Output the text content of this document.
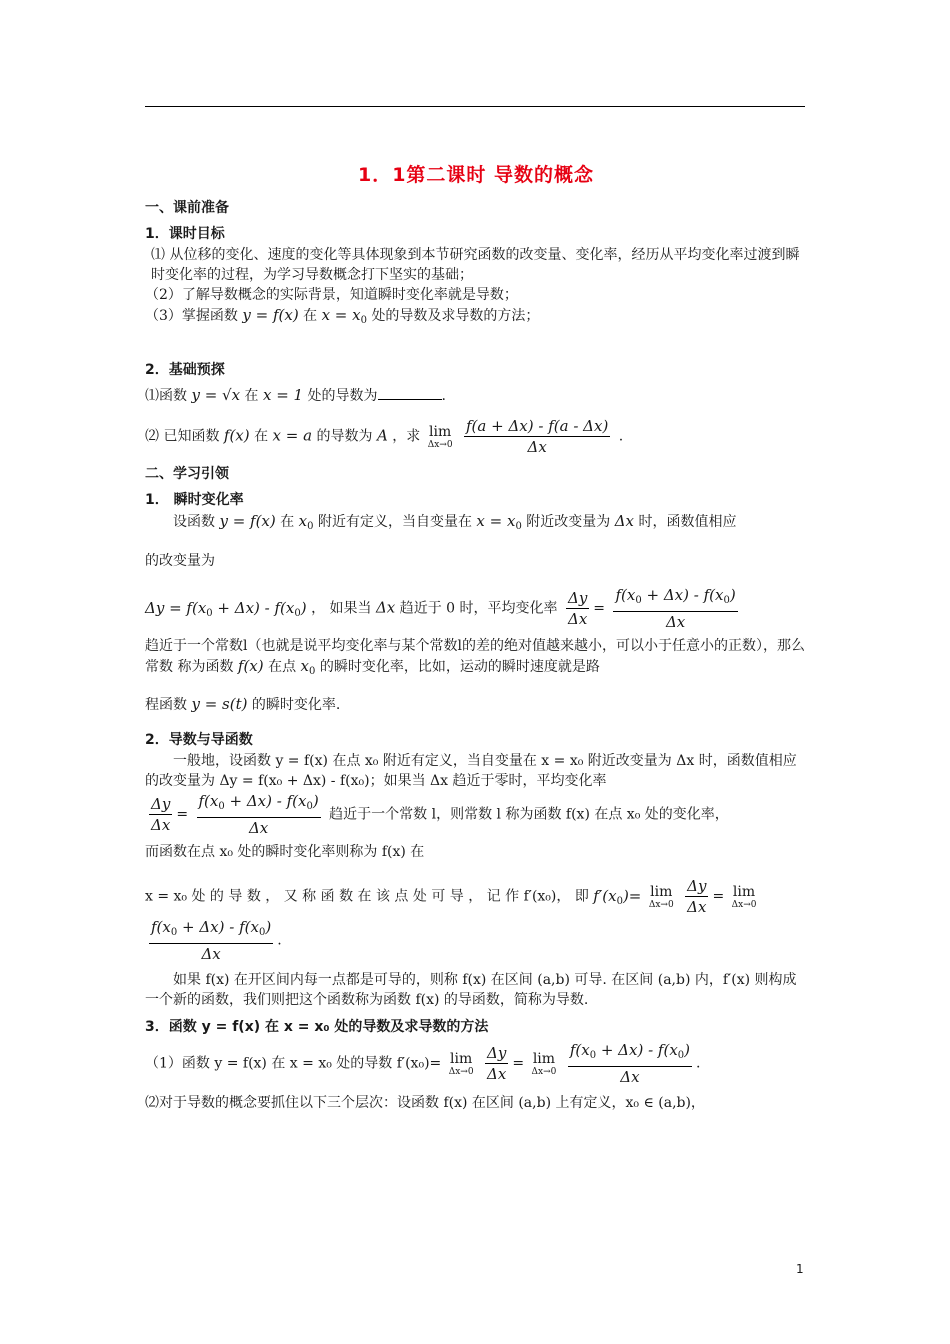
1．1第二课时 导数的概念
一、课前准备
1．课时目标

⑴ 从位移的变化、速度的变化等具体现象到本节研究函数的改变量、变化率，经历从平均变化率过渡到瞬时变化率的过程，为学习导数概念打下坚实的基础；

（2）了解导数概念的实际背景，知道瞬时变化率就是导数；

（3）掌握函数 y = f(x) 在 $x = x_0$ 处的导数及求导数的方法；

2．基础预探

⑴函数 y = √x 在 x = 1 处的导数为	.

⑵ 已知函数 f(x) 在 x = a 的导数为 A ，求 lim
Δx→0
$\frac{f(a + \Delta x) - f(a - \Delta x)}{\Delta x}$ .

二、学习引领
1． 瞬时变化率

设函数 y = f(x) 在 $x_0$ 附近有定义，当自变量在 $x = x_0$ 附近改变量为 Δx 时，函数值相应

的改变量为

$\Delta y = f(x_0 + \Delta x) - f(x_0)$ ， 如果当 Δx 趋近于 0 时，平均变化率 $\frac{\Delta y}{\Delta x} = \frac{f(x_0 + \Delta x) - f(x_0)}{\Delta x}$

趋近于一个常数l（也就是说平均变化率与某个常数l的差的绝对值越来越小，可以小于任意小的正数），那么常数 称为函数 f(x) 在点 $x_0$ 的瞬时变化率，比如，运动的瞬时速度就是路

程函数 y = s(t) 的瞬时变化率.

2．导数与导函数

一般地，设函数 y = f(x) 在点 x₀ 附近有定义，当自变量在 x = x₀ 附近改变量为 Δx 时，函数值相应的改变量为 Δy = f(x₀ + Δx) - f(x₀)；如果当 Δx 趋近于零时，平均变化率

$\frac{\Delta y}{\Delta x} = \frac{f(x_0 + \Delta x) - f(x_0)}{\Delta x}$ 趋近于一个常数 l，则常数 l 称为函数 f(x) 在点 x₀ 处的变化率，

而函数在点 x₀ 处的瞬时变化率则称为 f(x) 在

x = x₀ 处 的 导 数 ， 又 称 函 数 在 该 点 处 可 导 ， 记 作 f′(x₀)， 即 $f'(x_0)= \lim$
Δx→0
$\frac{\Delta y}{\Delta x} = \lim$
Δx→0

$\frac{f(x_0 + \Delta x) - f(x_0)}{\Delta x}$ .

如果 f(x) 在开区间内每一点都是可导的，则称 f(x) 在区间 (a,b) 可导. 在区间 (a,b) 内，f′(x) 则构成一个新的函数，我们则把这个函数称为函数 f(x) 的导函数，简称为导数.

3．函数 y = f(x) 在 x = x₀ 处的导数及求导数的方法

（1）函数 y = f(x) 在 x = x₀ 处的导数 f′(x₀)= lim
Δx→0
$\frac{\Delta y}{\Delta x} = \lim$
Δx→0
$\frac{f(x_0 + \Delta x) - f(x_0)}{\Delta x}$ .

⑵对于导数的概念要抓住以下三个层次：设函数 f(x) 在区间 (a,b) 上有定义，x₀ ∈ (a,b)，

1
